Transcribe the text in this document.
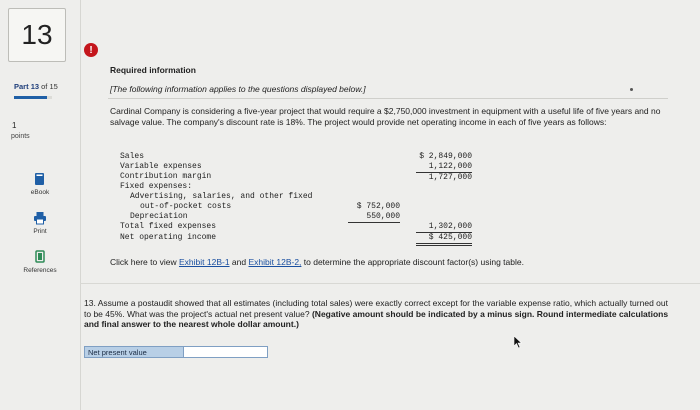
13
Part 13 of 15
1
points
eBook
Print
References
!
Required information
[The following information applies to the questions displayed below.]
Cardinal Company is considering a five-year project that would require a $2,750,000 investment in equipment with a useful life of five years and no salvage value. The company's discount rate is 18%. The project would provide net operating income in each of five years as follows:
Sales	$ 2,849,000
Variable expenses	1,122,000
Contribution margin	1,727,000
Fixed expenses:
Advertising, salaries, and other fixed
out-of-pocket costs	$ 752,000
Depreciation	550,000
Total fixed expenses	1,302,000
Net operating income	$ 425,000
Click here to view Exhibit 12B-1 and Exhibit 12B-2, to determine the appropriate discount factor(s) using table.
13. Assume a postaudit showed that all estimates (including total sales) were exactly correct except for the variable expense ratio, which actually turned out to be 45%. What was the project's actual net present value? (Negative amount should be indicated by a minus sign. Round intermediate calculations and final answer to the nearest whole dollar amount.)
Net present value
